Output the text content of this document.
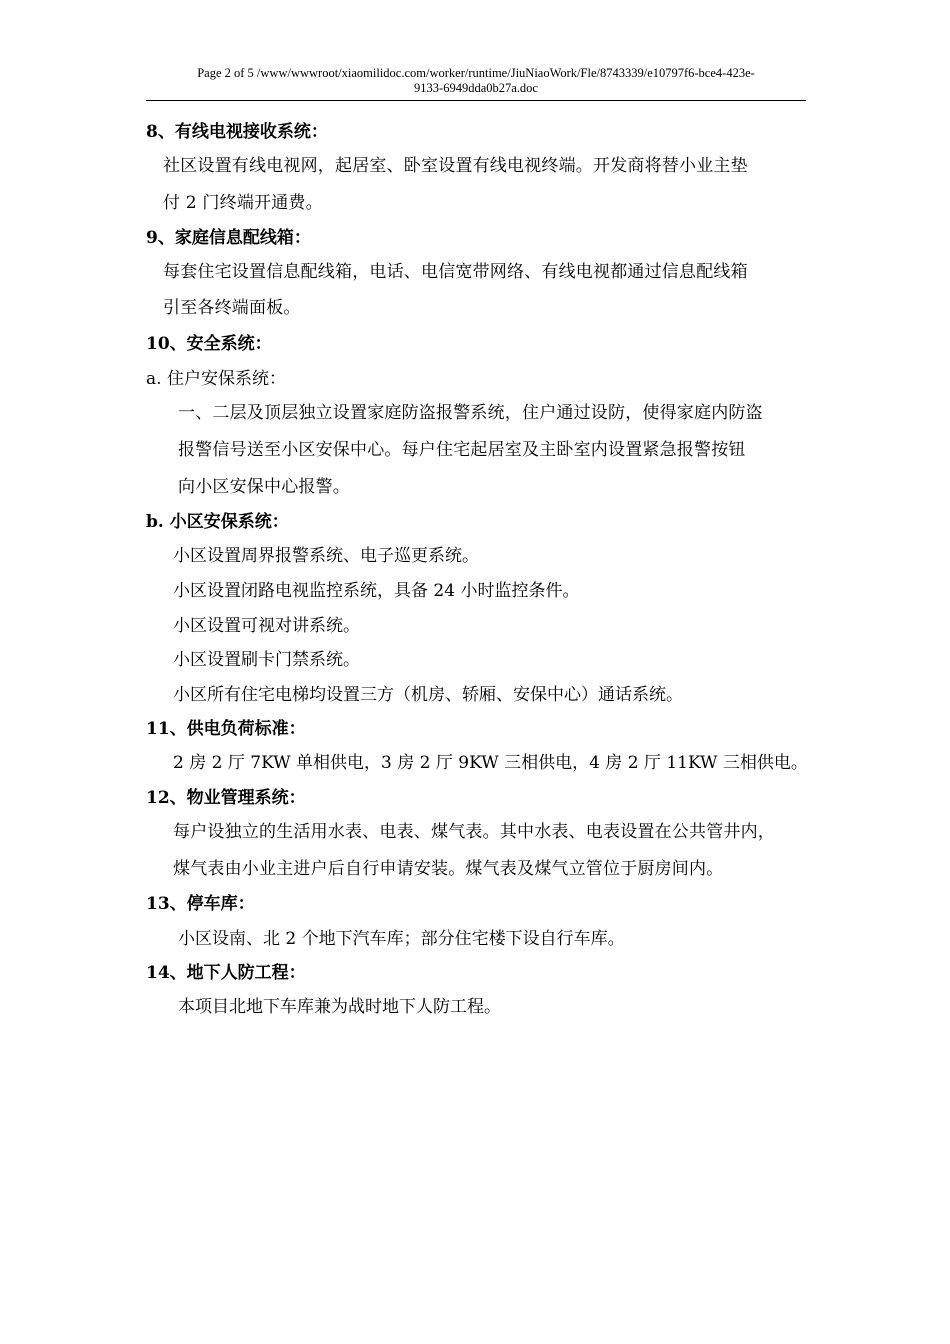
Page 2 of 5 /www/wwwroot/xiaomilidoc.com/worker/runtime/JiuNiaoWork/Fle/8743339/e10797f6-bce4-423e-
9133-6949dda0b27a.doc
8、有线电视接收系统：
社区设置有线电视网，起居室、卧室设置有线电视终端。开发商将替小业主垫
付 2 门终端开通费。
9、家庭信息配线箱：
每套住宅设置信息配线箱，电话、电信宽带网络、有线电视都通过信息配线箱
引至各终端面板。
10、安全系统：
a. 住户安保系统：
一、二层及顶层独立设置家庭防盗报警系统，住户通过设防，使得家庭内防盗
报警信号送至小区安保中心。每户住宅起居室及主卧室内设置紧急报警按钮
向小区安保中心报警。
b. 小区安保系统：
小区设置周界报警系统、电子巡更系统。
小区设置闭路电视监控系统，具备 24 小时监控条件。
小区设置可视对讲系统。
小区设置刷卡门禁系统。
小区所有住宅电梯均设置三方（机房、轿厢、安保中心）通话系统。
11、供电负荷标准：
2 房 2 厅 7KW 单相供电，3 房 2 厅 9KW 三相供电，4 房 2 厅 11KW 三相供电。
12、物业管理系统：
每户设独立的生活用水表、电表、煤气表。其中水表、电表设置在公共管井内，
煤气表由小业主进户后自行申请安装。煤气表及煤气立管位于厨房间内。
13、停车库：
小区设南、北 2 个地下汽车库；部分住宅楼下设自行车库。
14、地下人防工程：
本项目北地下车库兼为战时地下人防工程。
